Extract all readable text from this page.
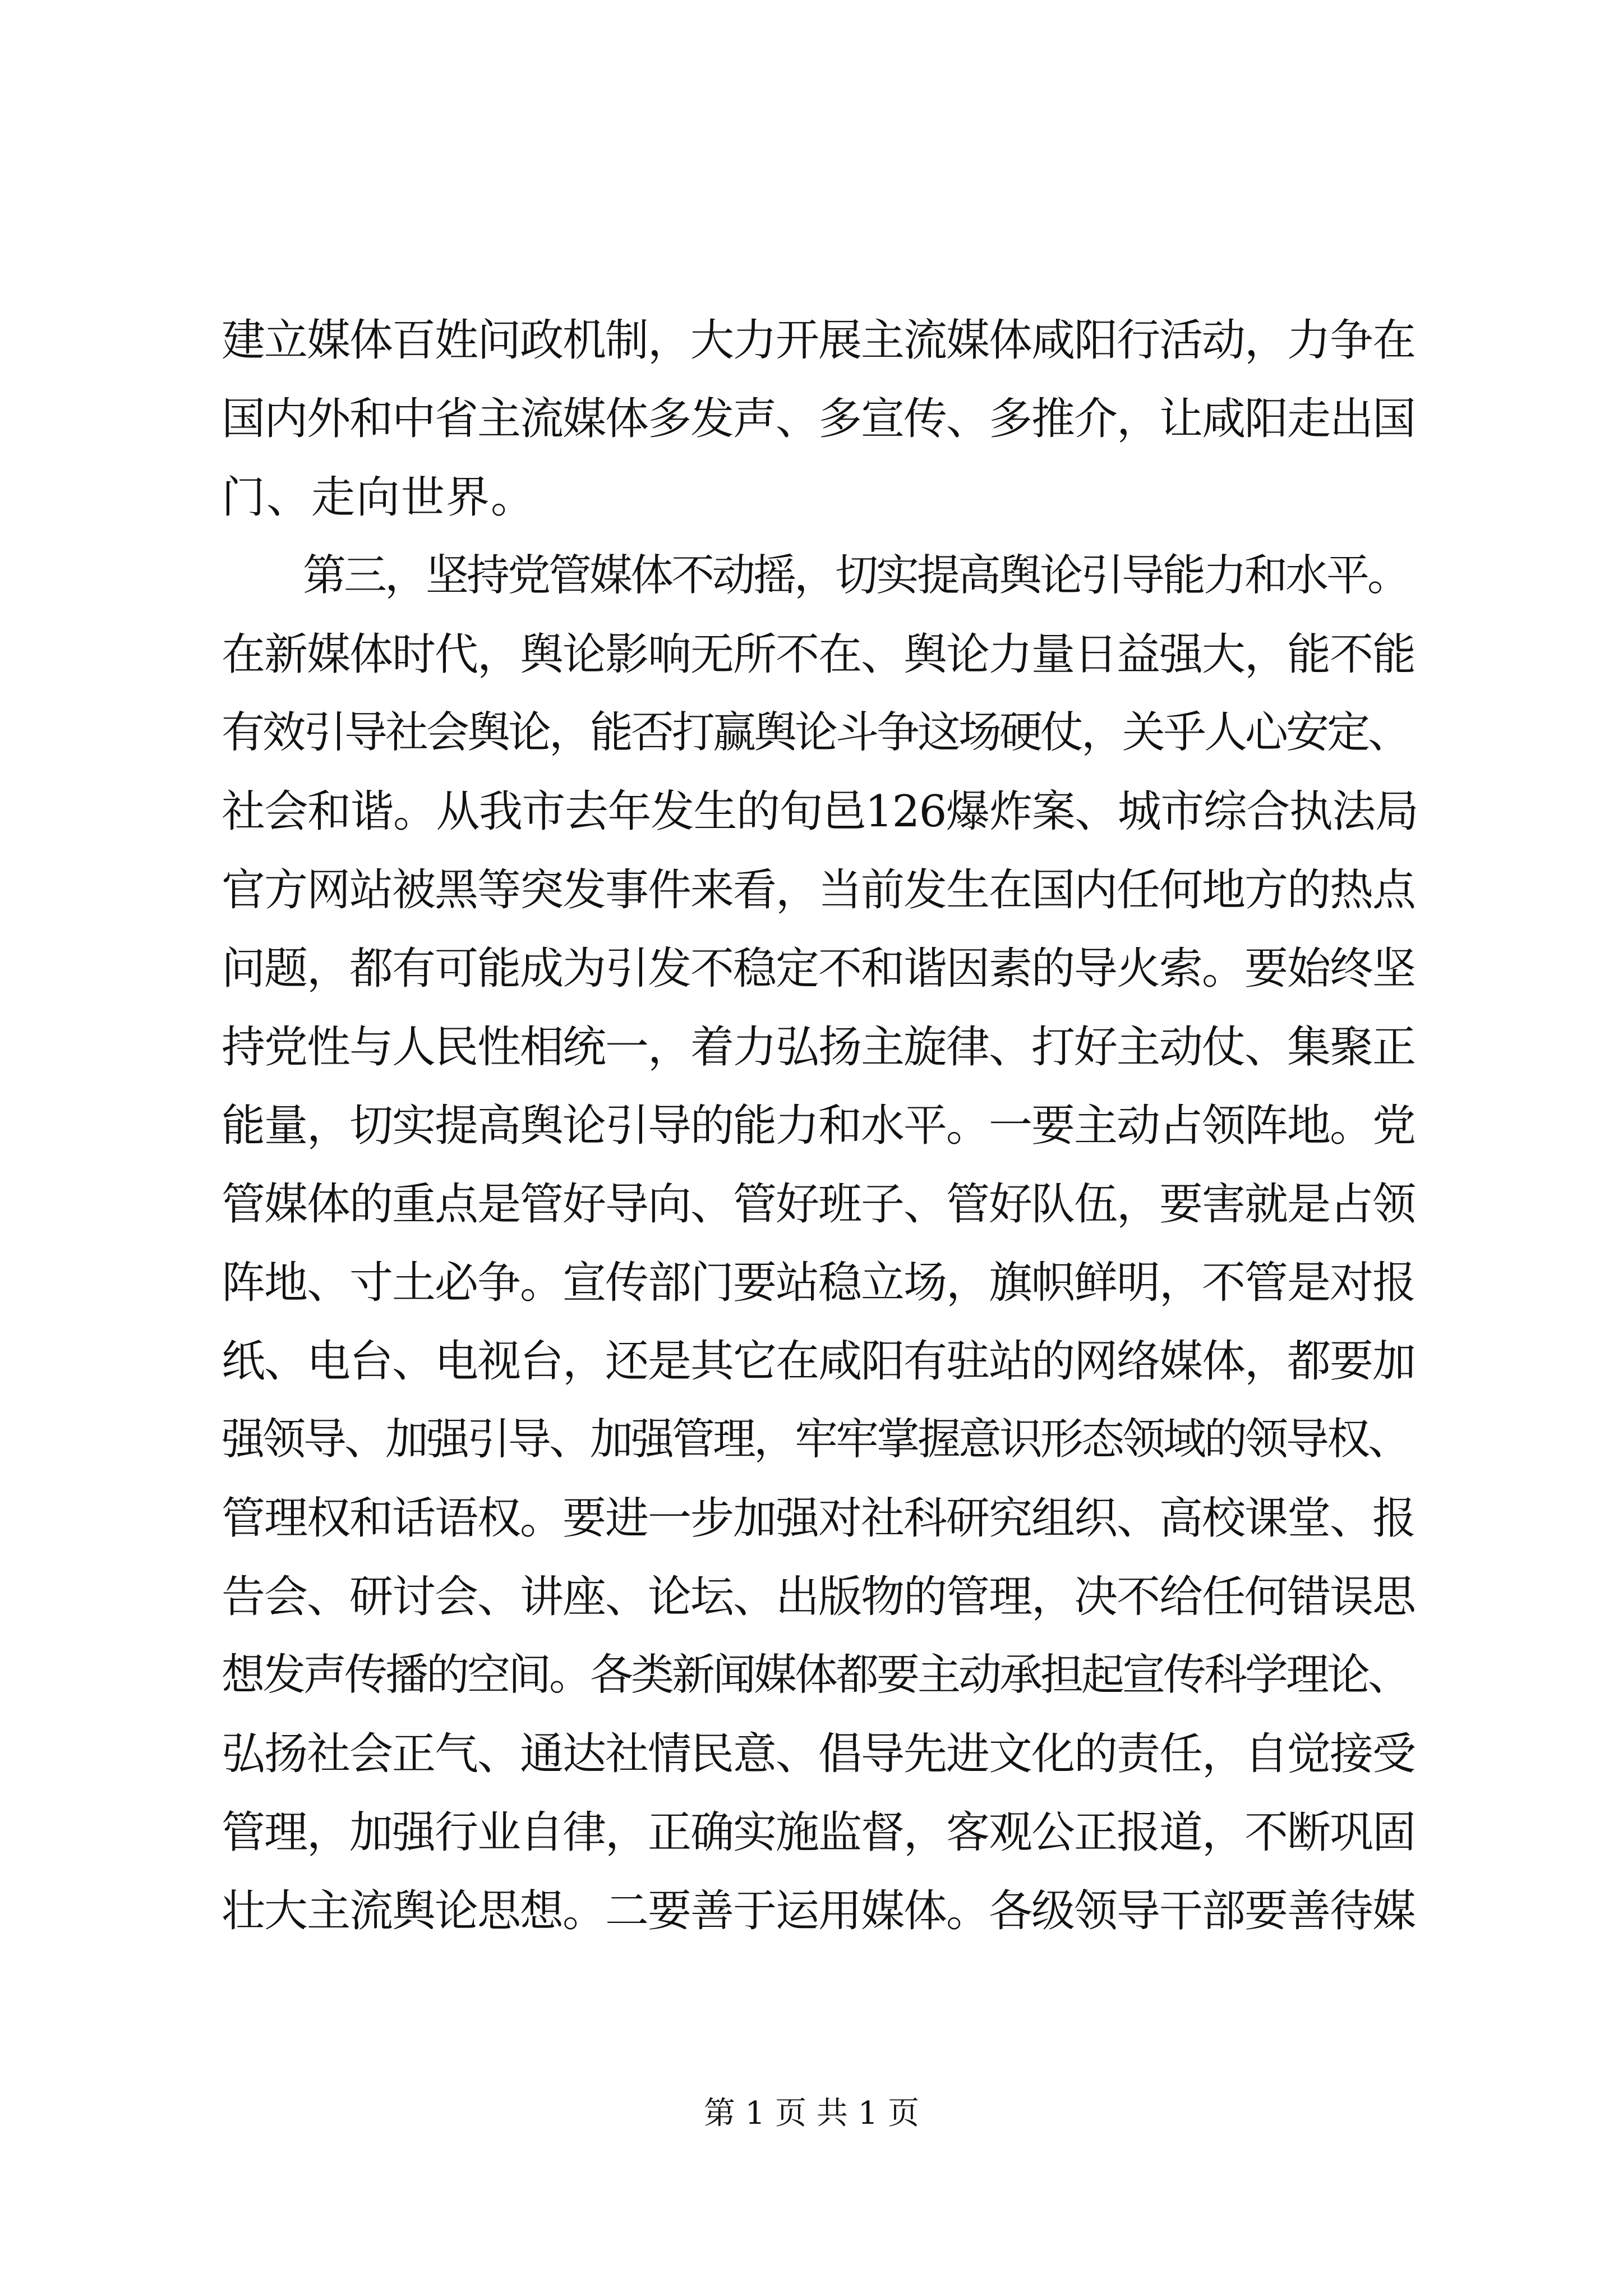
建立媒体百姓问政机制，大力开展主流媒体咸阳行活动，力争在
国内外和中省主流媒体多发声、多宣传、多推介，让咸阳走出国
门、走向世界。
第三，坚持党管媒体不动摇，切实提高舆论引导能力和水平。
在新媒体时代，舆论影响无所不在、舆论力量日益强大，能不能
有效引导社会舆论，能否打赢舆论斗争这场硬仗，关乎人心安定、
社会和谐。从我市去年发生的旬邑126爆炸案、城市综合执法局
官方网站被黑等突发事件来看，当前发生在国内任何地方的热点
问题，都有可能成为引发不稳定不和谐因素的导火索。要始终坚
持党性与人民性相统一，着力弘扬主旋律、打好主动仗、集聚正
能量，切实提高舆论引导的能力和水平。一要主动占领阵地。党
管媒体的重点是管好导向、管好班子、管好队伍，要害就是占领
阵地、寸土必争。宣传部门要站稳立场，旗帜鲜明，不管是对报
纸、电台、电视台，还是其它在咸阳有驻站的网络媒体，都要加
强领导、加强引导、加强管理，牢牢掌握意识形态领域的领导权、
管理权和话语权。要进一步加强对社科研究组织、高校课堂、报
告会、研讨会、讲座、论坛、出版物的管理，决不给任何错误思
想发声传播的空间。各类新闻媒体都要主动承担起宣传科学理论、
弘扬社会正气、通达社情民意、倡导先进文化的责任，自觉接受
管理，加强行业自律，正确实施监督，客观公正报道，不断巩固
壮大主流舆论思想。二要善于运用媒体。各级领导干部要善待媒
第 1 页 共 1 页
